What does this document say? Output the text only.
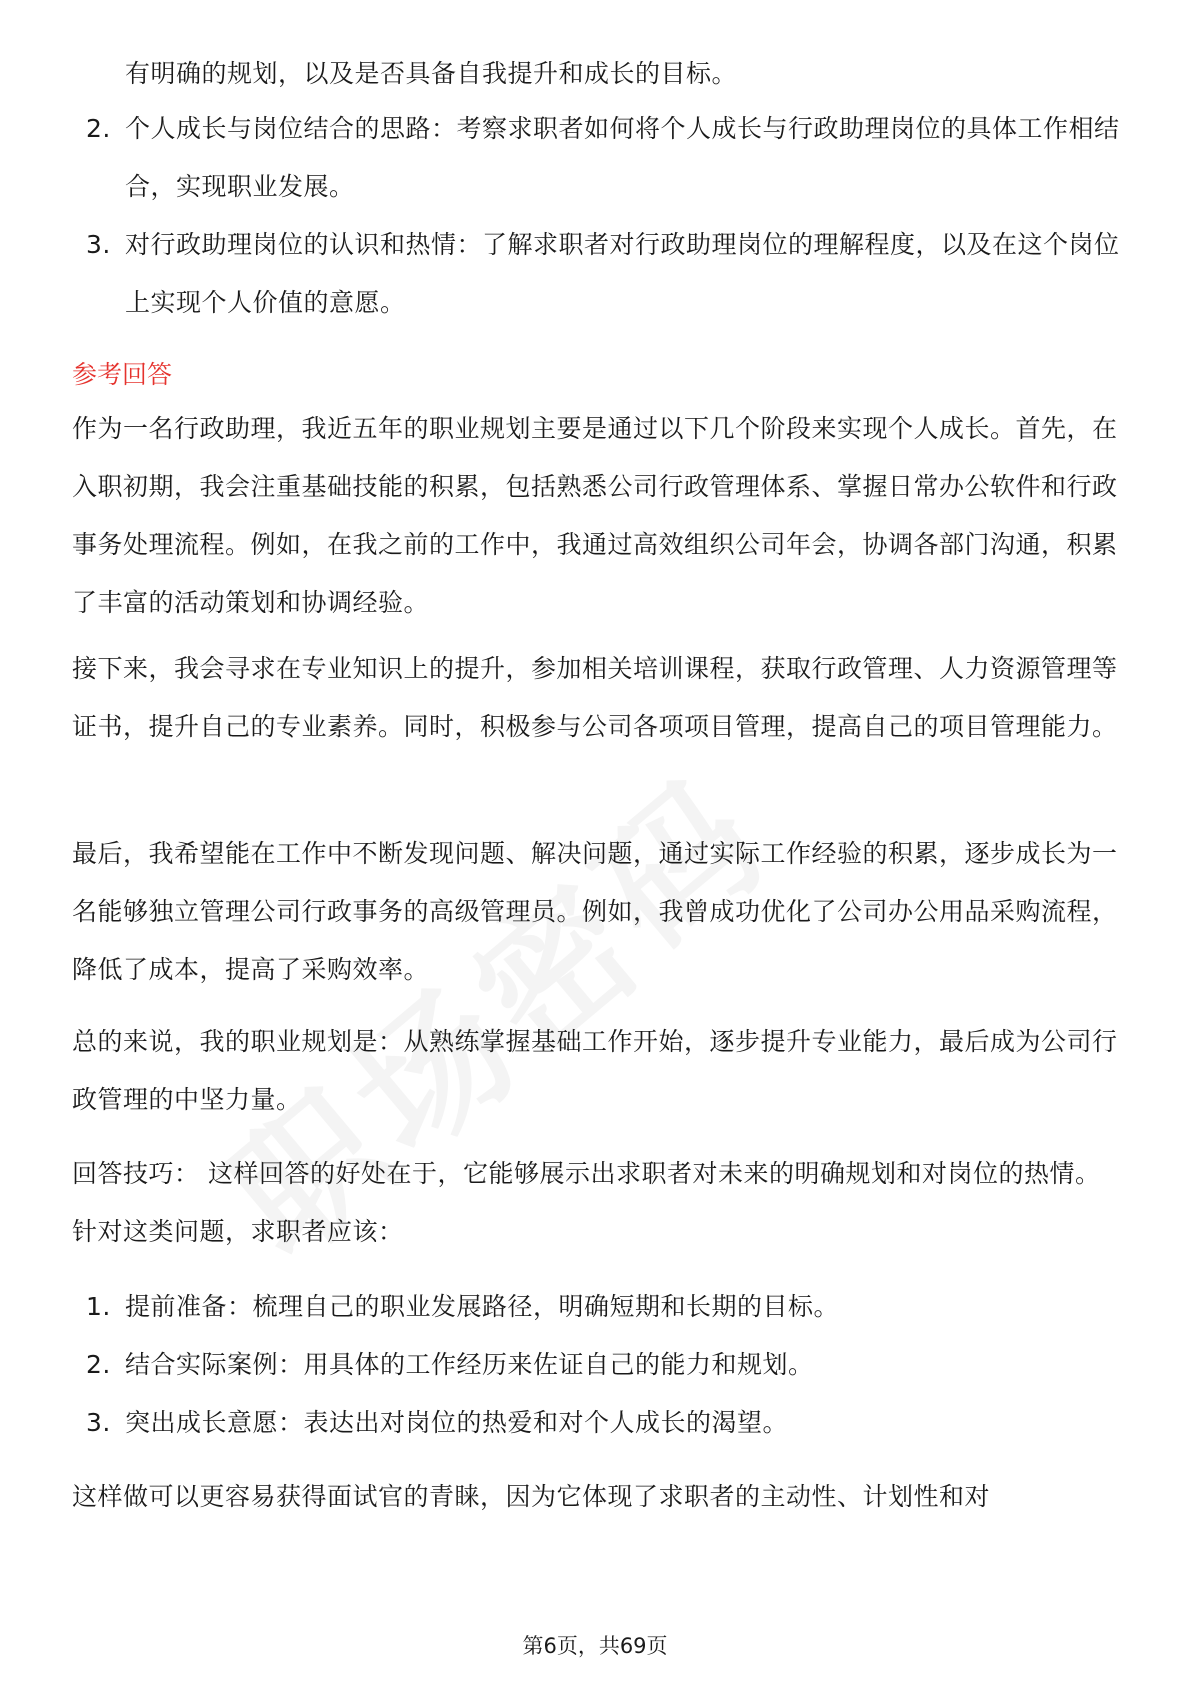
有明确的规划，以及是否具备自我提升和成长的目标。

2. 个人成长与岗位结合的思路：考察求职者如何将个人成长与行政助理岗位的具体工作相结合，实现职业发展。
3. 对行政助理岗位的认识和热情：了解求职者对行政助理岗位的理解程度，以及在这个岗位上实现个人价值的意愿。
参考回答

作为一名行政助理，我近五年的职业规划主要是通过以下几个阶段来实现个人成长。首先，在入职初期，我会注重基础技能的积累，包括熟悉公司行政管理体系、掌握日常办公软件和行政事务处理流程。例如，在我之前的工作中，我通过高效组织公司年会，协调各部门沟通，积累了丰富的活动策划和协调经验。

接下来，我会寻求在专业知识上的提升，参加相关培训课程，获取行政管理、人力资源管理等证书，提升自己的专业素养。同时，积极参与公司各项项目管理，提高自己的项目管理能力。

最后，我希望能在工作中不断发现问题、解决问题，通过实际工作经验的积累，逐步成长为一名能够独立管理公司行政事务的高级管理员。例如，我曾成功优化了公司办公用品采购流程，降低了成本，提高了采购效率。

总的来说，我的职业规划是：从熟练掌握基础工作开始，逐步提升专业能力，最后成为公司行政管理的中坚力量。

回答技巧： 这样回答的好处在于，它能够展示出求职者对未来的明确规划和对岗位的热情。针对这类问题，求职者应该：

1. 提前准备：梳理自己的职业发展路径，明确短期和长期的目标。
2. 结合实际案例：用具体的工作经历来佐证自己的能力和规划。
3. 突出成长意愿：表达出对岗位的热爱和对个人成长的渴望。

这样做可以更容易获得面试官的青睐，因为它体现了求职者的主动性、计划性和对

第6页，共69页
